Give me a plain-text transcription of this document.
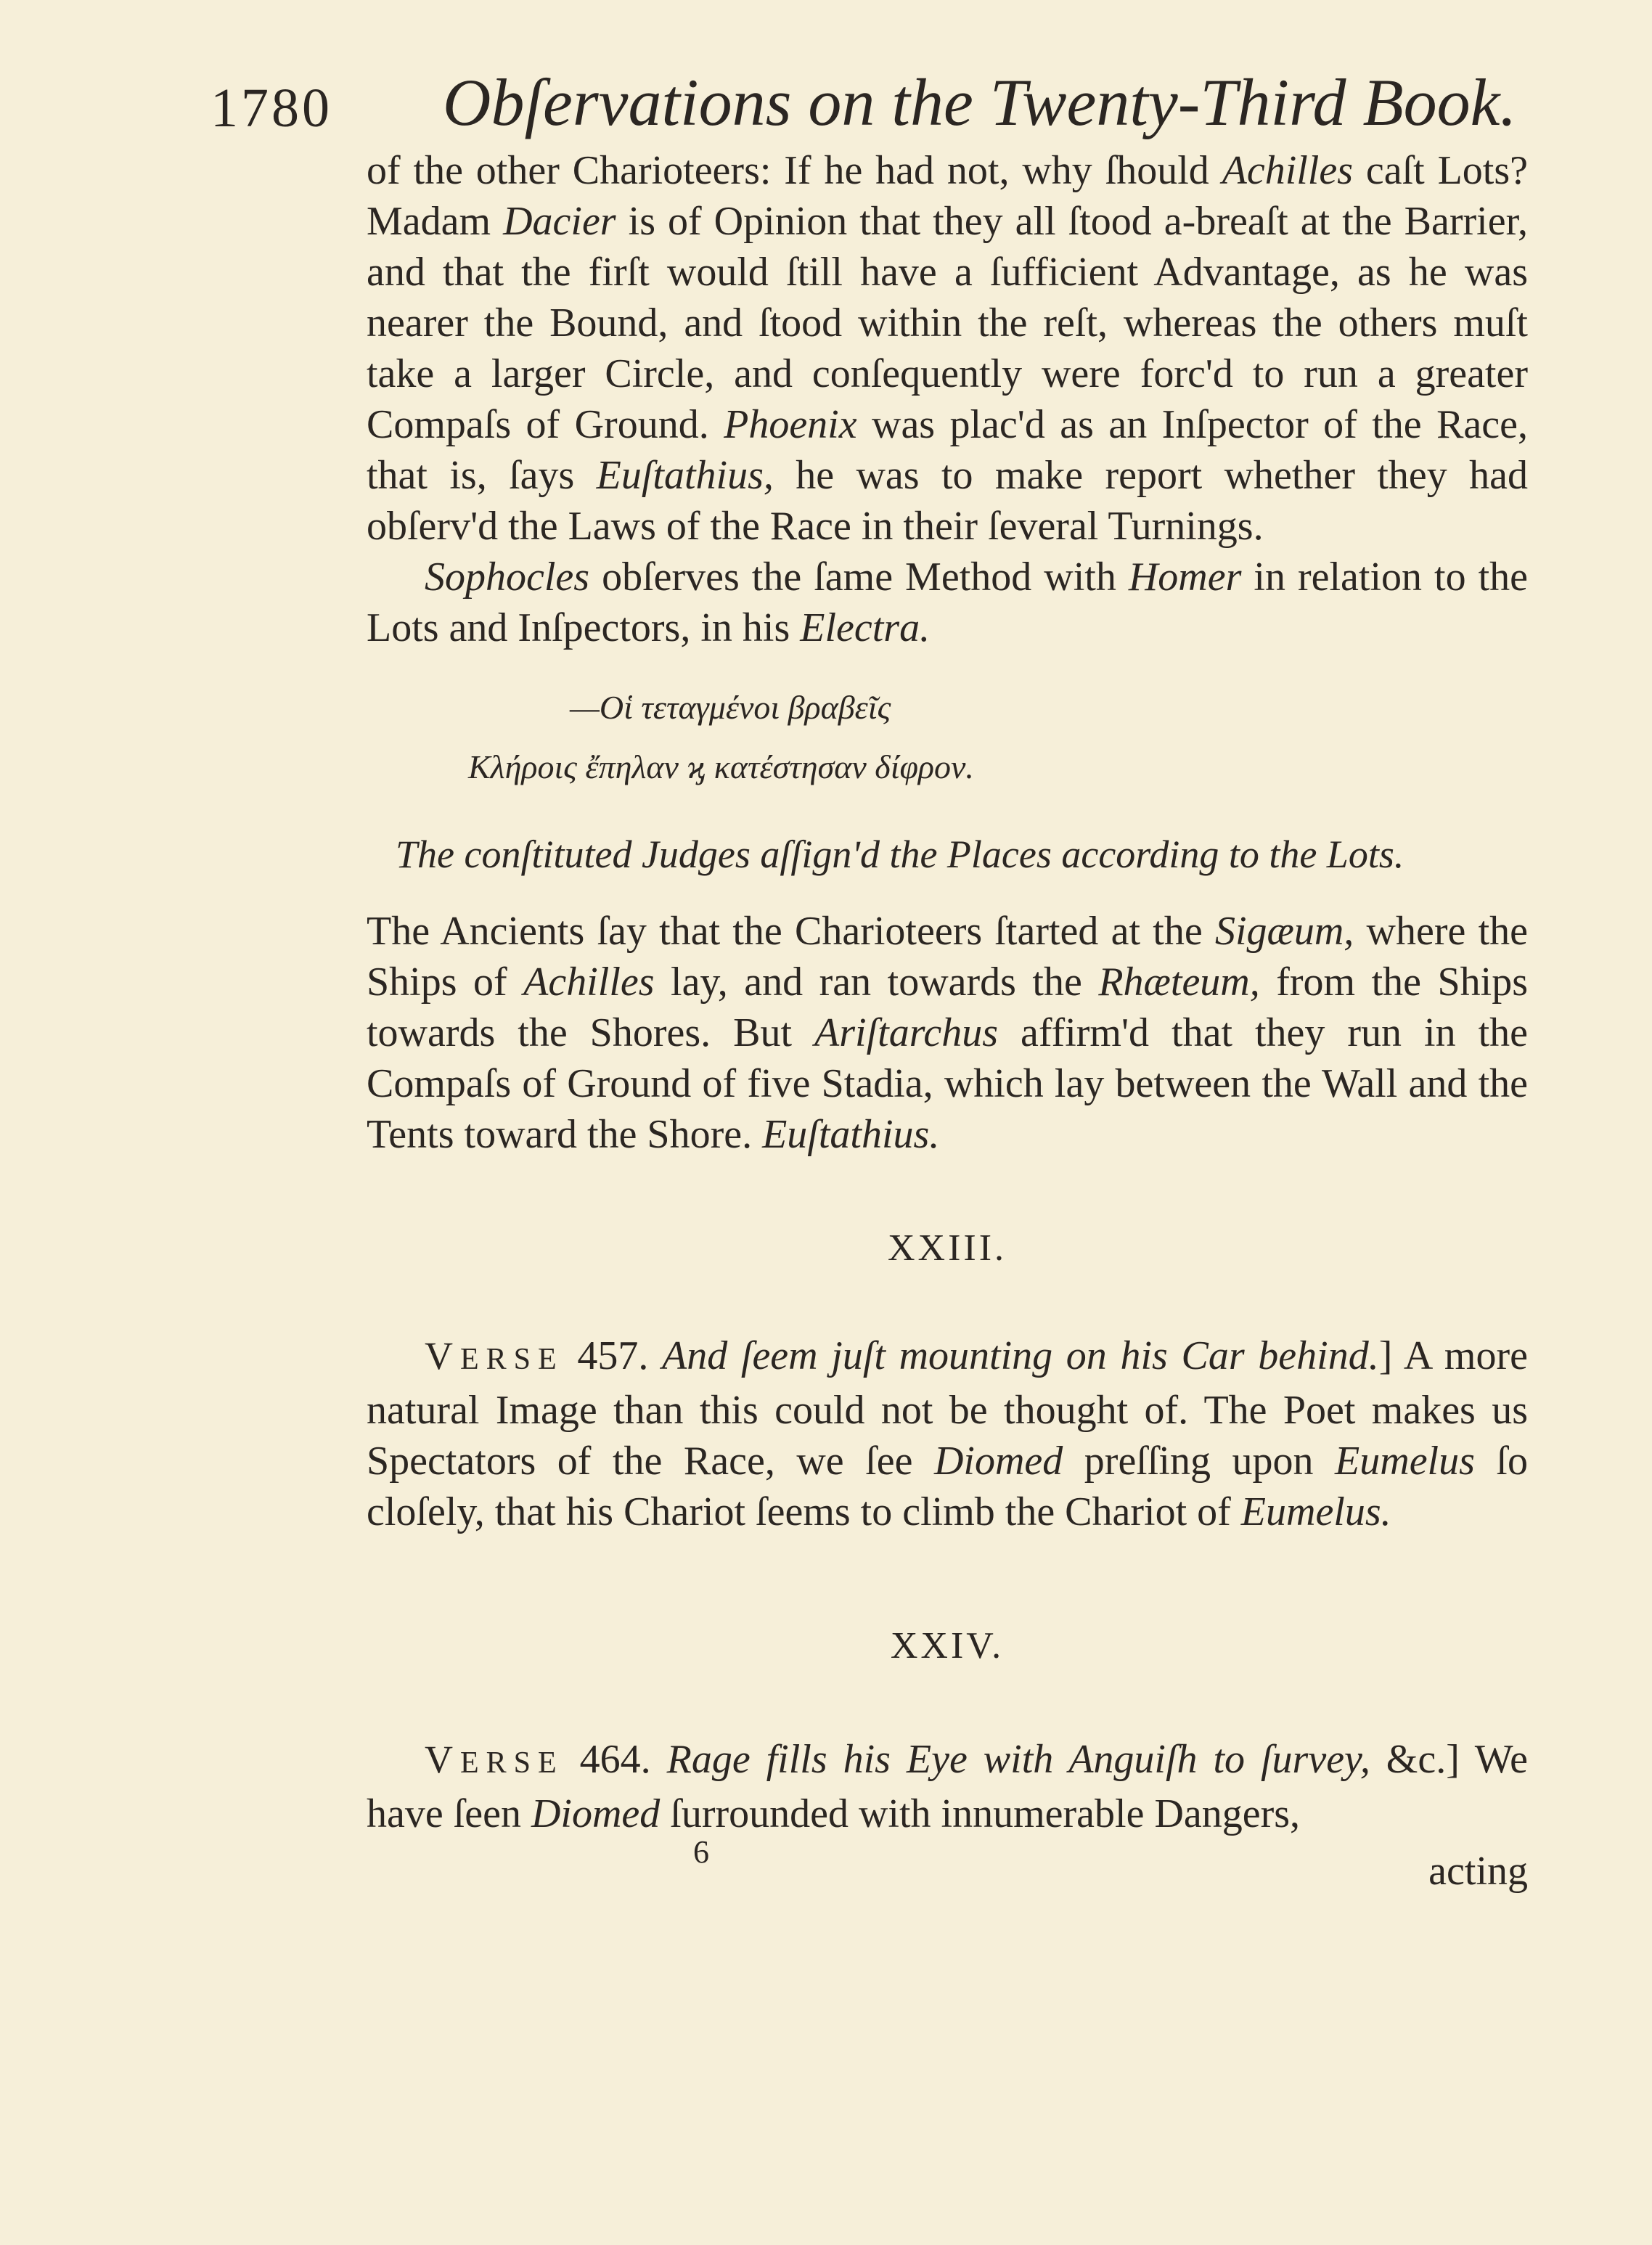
1780 Obſervations on the Twenty-Third Book.

of the other Charioteers: If he had not, why ſhould Achilles caſt Lots? Madam Dacier is of Opinion that they all ſtood a-breaſt at the Barrier, and that the firſt would ſtill have a ſufficient Advantage, as he was nearer the Bound, and ſtood within the reſt, whereas the others muſt take a larger Circle, and conſequently were forc'd to run a greater Compaſs of Ground. Phoenix was plac'd as an Inſpector of the Race, that is, ſays Euſtathius, he was to make report whether they had obſerv'd the Laws of the Race in their ſeveral Turnings.

Sophocles obſerves the ſame Method with Homer in relation to the Lots and Inſpectors, in his Electra.

—Οἱ τεταγμένοι βραβεῖς
Κλήροις ἔπηλαν ϗ κατέστησαν δίφρον.
The conſtituted Judges aſſign'd the Places according to the Lots.

The Ancients ſay that the Charioteers ſtarted at the Sigæum, where the Ships of Achilles lay, and ran towards the Rhæteum, from the Ships towards the Shores. But Ariſtarchus affirm'd that they run in the Compaſs of Ground of five Stadia, which lay between the Wall and the Tents toward the Shore. Euſtathius.

XXIII.

VERSE 457. And ſeem juſt mounting on his Car behind.] A more natural Image than this could not be thought of. The Poet makes us Spectators of the Race, we ſee Diomed preſſing upon Eumelus ſo cloſely, that his Chariot ſeems to climb the Chariot of Eumelus.

XXIV.

VERSE 464. Rage fills his Eye with Anguiſh to ſurvey, &c.] We have ſeen Diomed ſurrounded with innumerable Dangers,

6	acting
